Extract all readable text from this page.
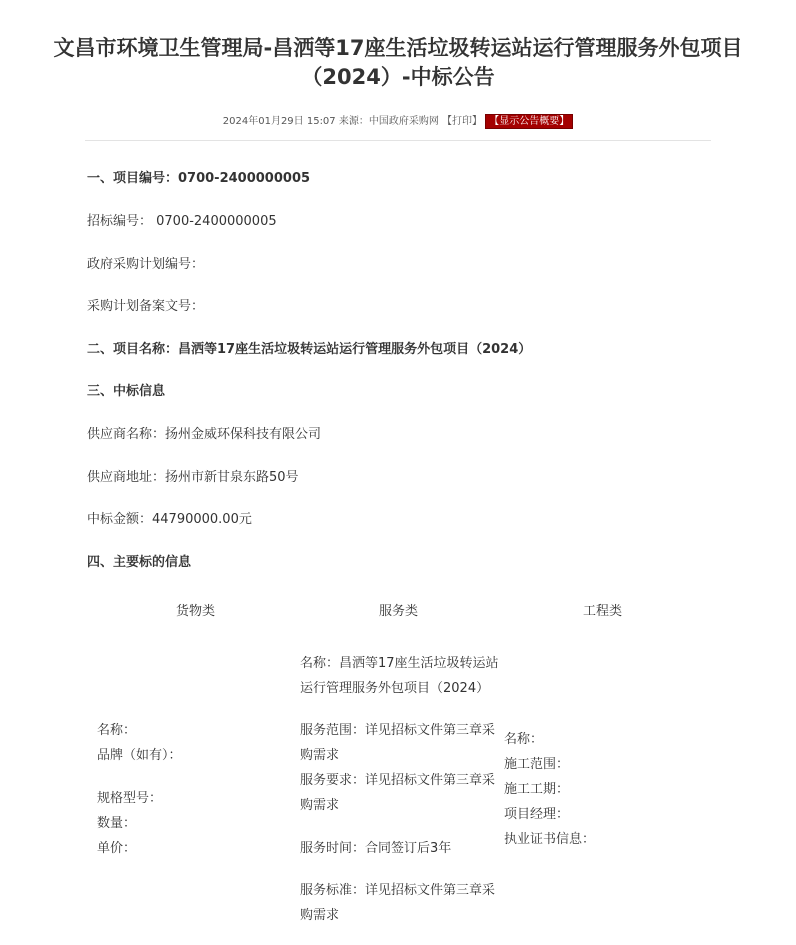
文昌市环境卫生管理局-昌洒等17座生活垃圾转运站运行管理服务外包项目
（2024）-中标公告
2024年01月29日 15:07 来源：中国政府采购网 【打印】 【显示公告概要】
一、项目编号：0700-2400000005
招标编号： 0700-2400000005
政府采购计划编号：
采购计划备案文号：
二、项目名称：昌洒等17座生活垃圾转运站运行管理服务外包项目（2024）
三、中标信息
供应商名称：扬州金威环保科技有限公司
供应商地址：扬州市新甘泉东路50号
中标金额：44790000.00元
四、主要标的信息
货物类	服务类	工程类
名称：
品牌（如有）：
规格型号：
数量：
单价：
名称：昌洒等17座生活垃圾转运站
运行管理服务外包项目（2024）
服务范围：详见招标文件第三章采
购需求
服务要求：详见招标文件第三章采
购需求
服务时间：合同签订后3年
服务标准：详见招标文件第三章采
购需求
名称：
施工范围：
施工工期：
项目经理：
执业证书信息：
